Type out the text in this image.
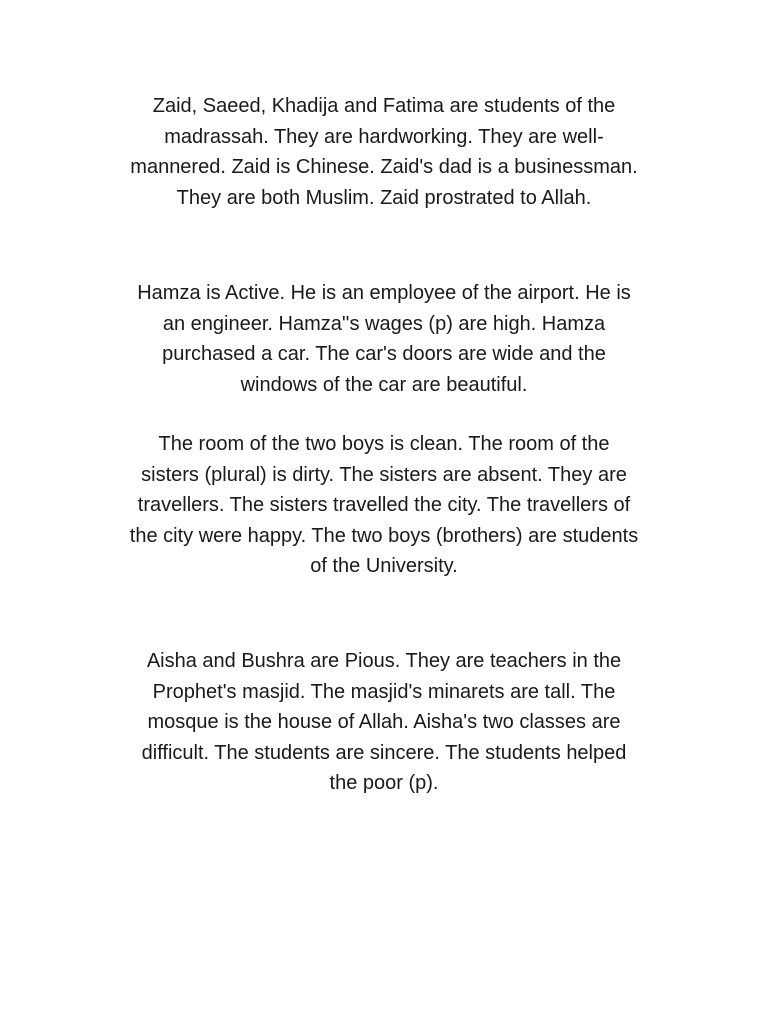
Zaid, Saeed, Khadija and Fatima are students of the
madrassah. They are hardworking. They are well-
mannered. Zaid is Chinese. Zaid's dad is a businessman.
They are both Muslim. Zaid prostrated to Allah.

Hamza is Active. He is an employee of the airport. He is
an engineer. Hamza''s wages (p) are high. Hamza
purchased a car. The car's doors are wide and the
windows of the car are beautiful.

The room of the two boys is clean. The room of the
sisters (plural) is dirty. The sisters are absent. They are
travellers. The sisters travelled the city. The travellers of
the city were happy. The two boys (brothers) are students
of the University.

Aisha and Bushra are Pious. They are teachers in the
Prophet's masjid. The masjid's minarets are tall. The
mosque is the house of Allah. Aisha's two classes are
difficult. The students are sincere. The students helped
the poor (p).
